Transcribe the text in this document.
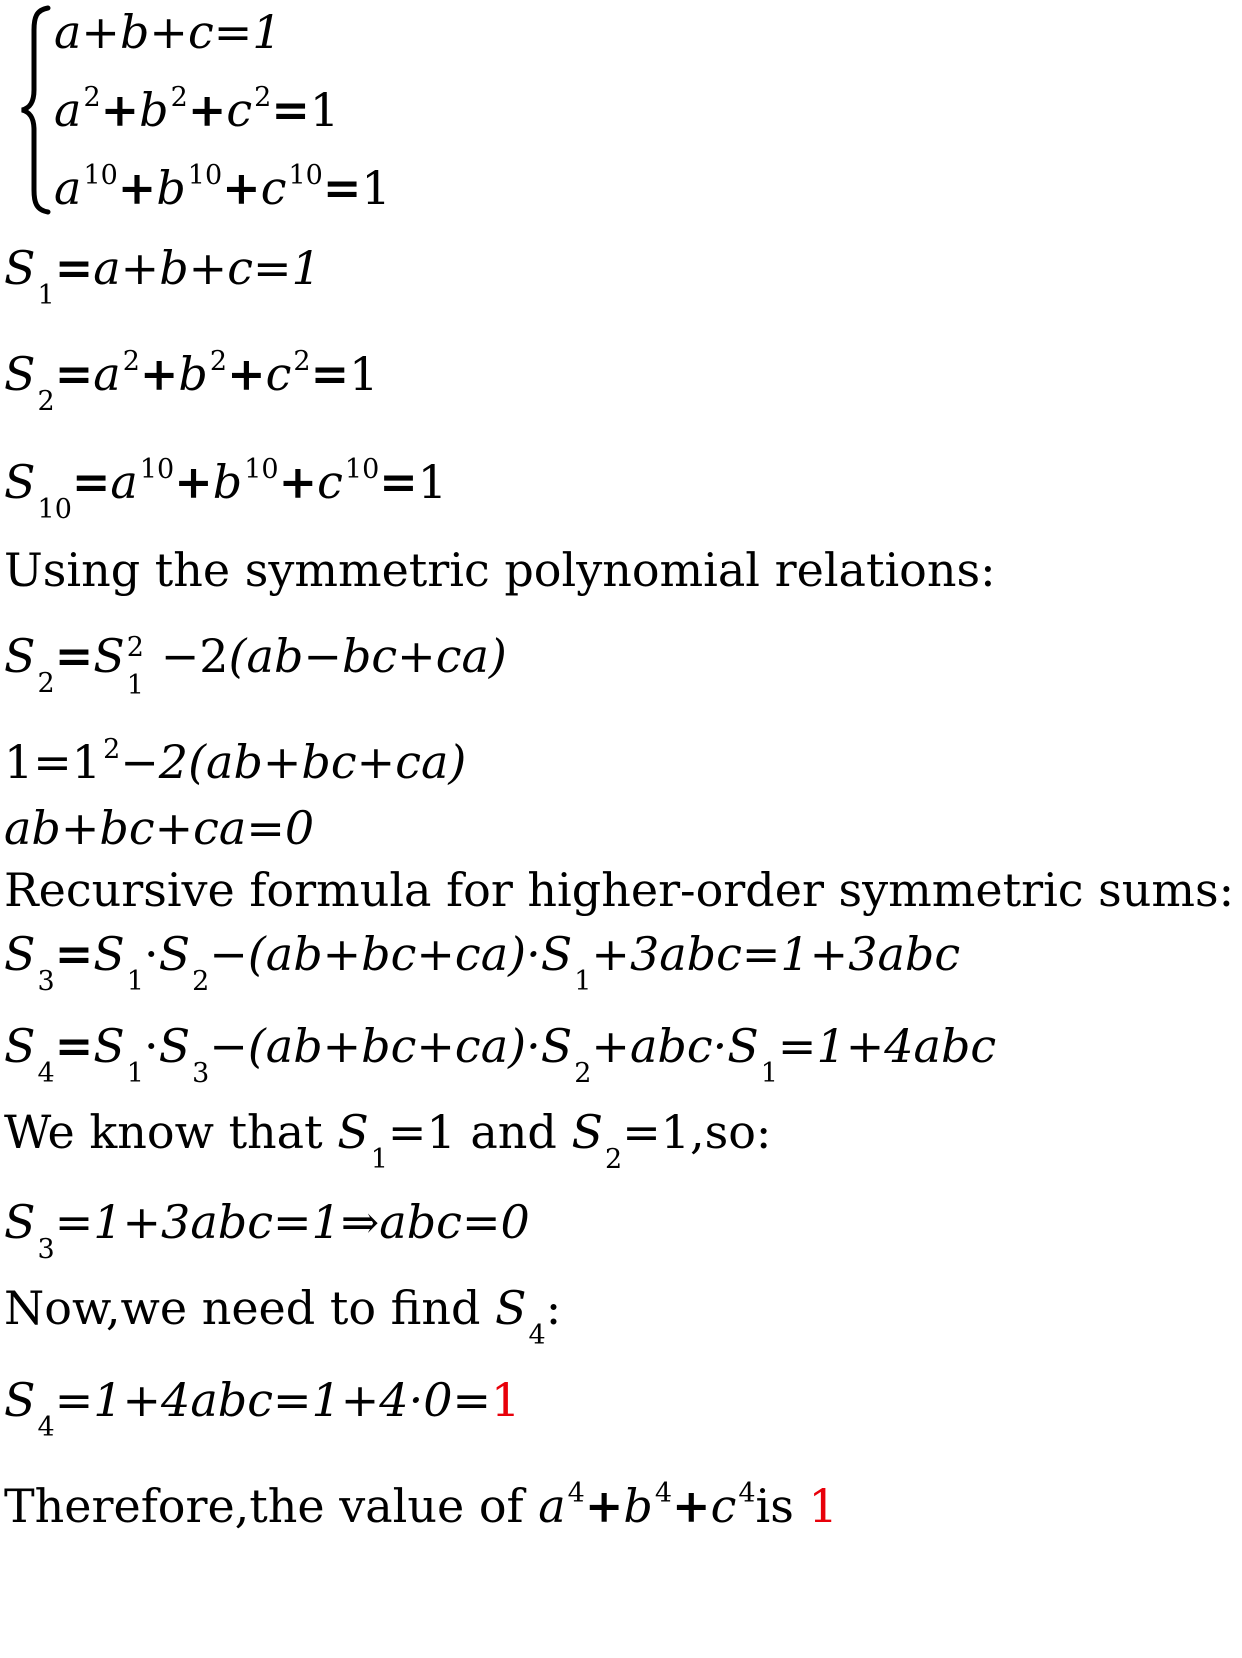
a+b+c=1
$a^2+b^2+c^2=1$
$a^{10}+b^{10}+c^{10}=1$
$S_1=a+b+c=1$
$S_2=a^2+b^2+c^2=1$
$S_{10}=a^{10}+b^{10}+c^{10}=1$
Using the symmetric polynomial relations:
$S_2=S$ 2
1
−2(ab−bc+ca)
$1=1^2-2(ab+bc+ca)$
ab+bc+ca=0
Recursive formula for higher-order symmetric sums:
$S_3=S_1\cdot S_2-(ab+bc+ca)\cdot S_1+3abc=1+3abc$
$S_4=S_1\cdot S_3-(ab+bc+ca)\cdot S_2+abc\cdot S_1=1+4abc$
We know that $S_1=1$ and $S_2=1,so$:
$S_3=1+3abc=1\Rightarrow abc=0$
Now,we need to find $S_4$:
$S_4=1+4abc=1+4\cdot 0=1$
Therefore,the value of $a^4+b^4+c^4is$ 1
